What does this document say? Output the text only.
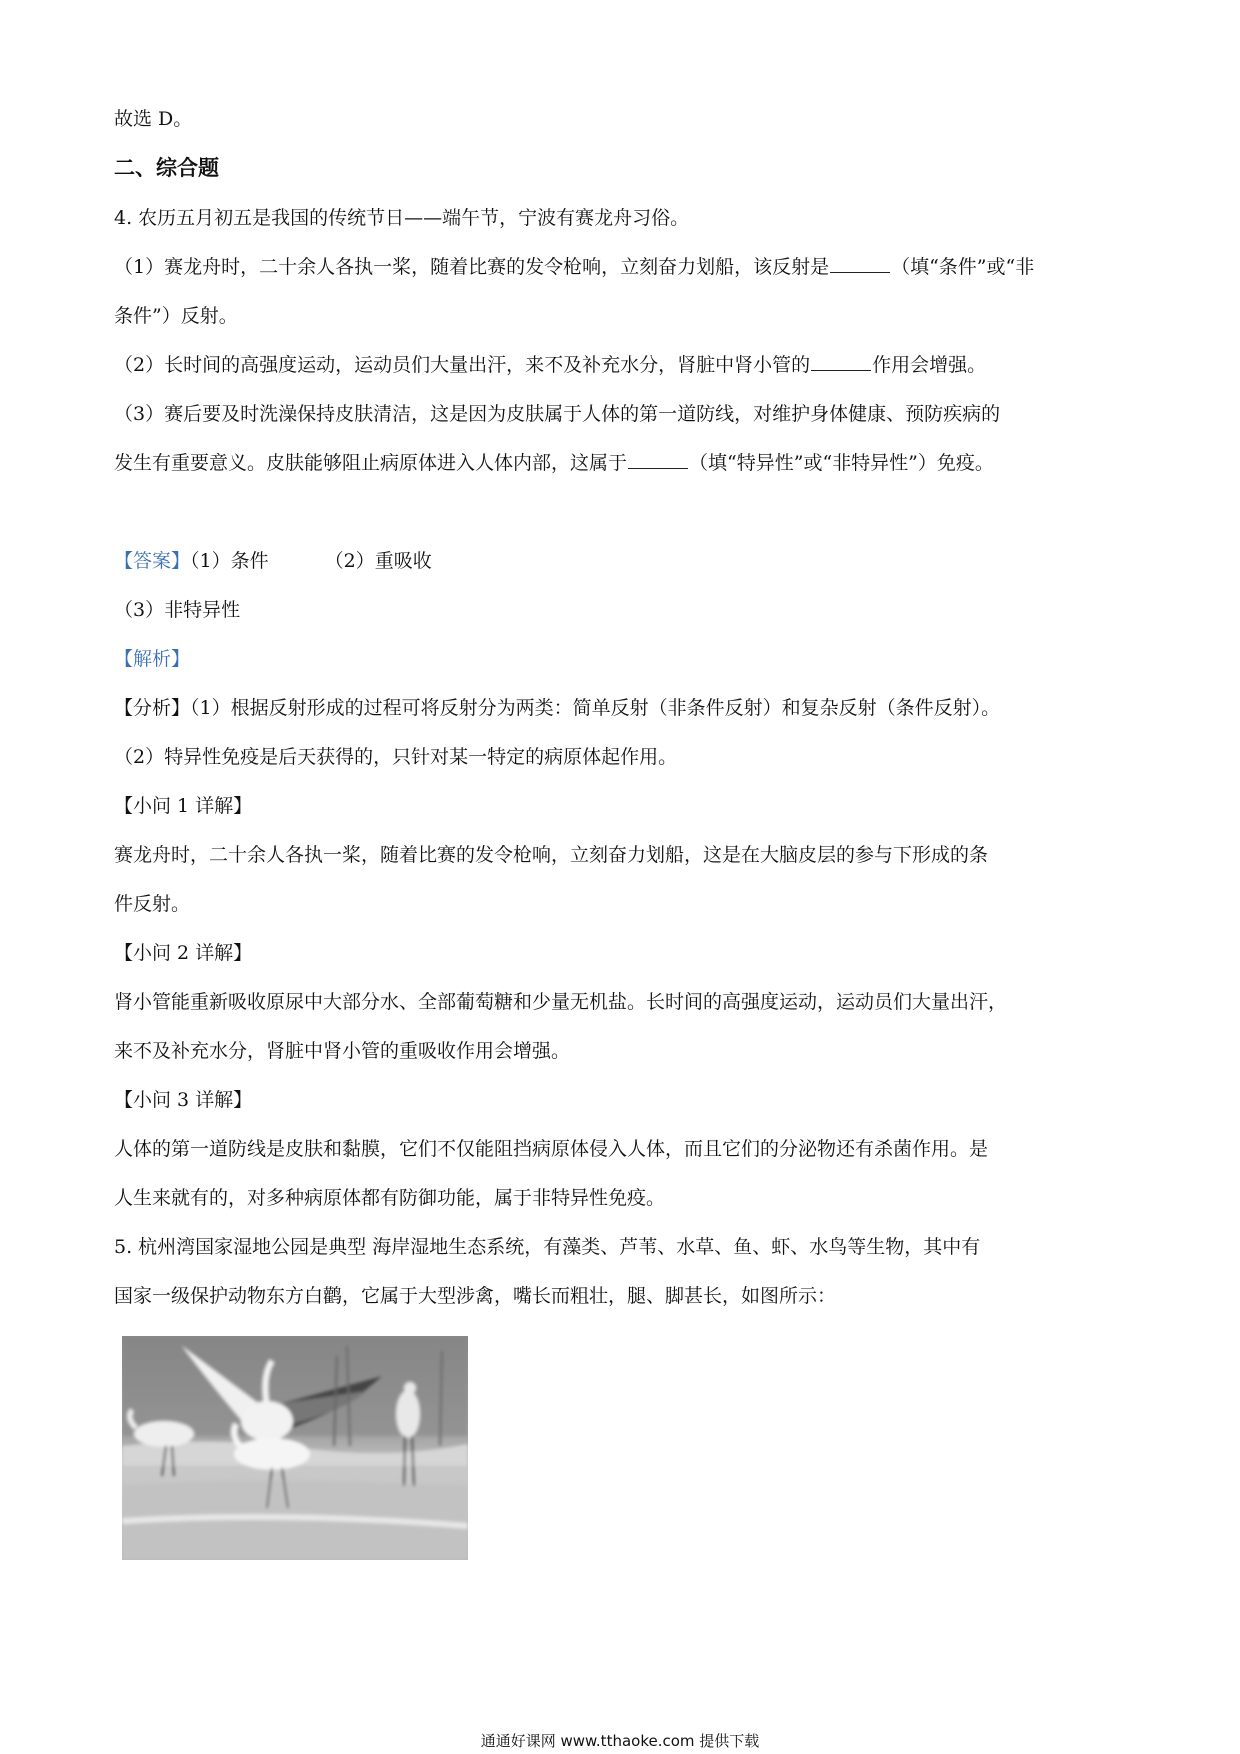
故选 D。
二、综合题
4. 农历五月初五是我国的传统节日——端午节，宁波有赛龙舟习俗。
（1）赛龙舟时，二十余人各执一桨，随着比赛的发令枪响，立刻奋力划船，该反射是	（填“条件”或“非
条件”）反射。
（2）长时间的高强度运动，运动员们大量出汗，来不及补充水分，肾脏中肾小管的	作用会增强。
（3）赛后要及时洗澡保持皮肤清洁，这是因为皮肤属于人体的第一道防线，对维护身体健康、预防疾病的
发生有重要意义。皮肤能够阻止病原体进入人体内部，这属于	（填“特异性”或“非特异性”）免疫。
【答案】（1）条件	（2）重吸收
（3）非特异性
【解析】
【分析】（1）根据反射形成的过程可将反射分为两类：简单反射（非条件反射）和复杂反射（条件反射）。
（2）特异性免疫是后天获得的，只针对某一特定的病原体起作用。
【小问 1 详解】
赛龙舟时，二十余人各执一桨，随着比赛的发令枪响，立刻奋力划船，这是在大脑皮层的参与下形成的条
件反射。
【小问 2 详解】
肾小管能重新吸收原尿中大部分水、全部葡萄糖和少量无机盐。长时间的高强度运动，运动员们大量出汗，
来不及补充水分，肾脏中肾小管的重吸收作用会增强。
【小问 3 详解】
人体的第一道防线是皮肤和黏膜，它们不仅能阻挡病原体侵入人体，而且它们的分泌物还有杀菌作用。是
人生来就有的，对多种病原体都有防御功能，属于非特异性免疫。
5. 杭州湾国家湿地公园是典型 海岸湿地生态系统，有藻类、芦苇、水草、鱼、虾、水鸟等生物，其中有
国家一级保护动物东方白鹳，它属于大型涉禽，嘴长而粗壮，腿、脚甚长，如图所示：
通通好课网 www.tthaoke.com 提供下载
